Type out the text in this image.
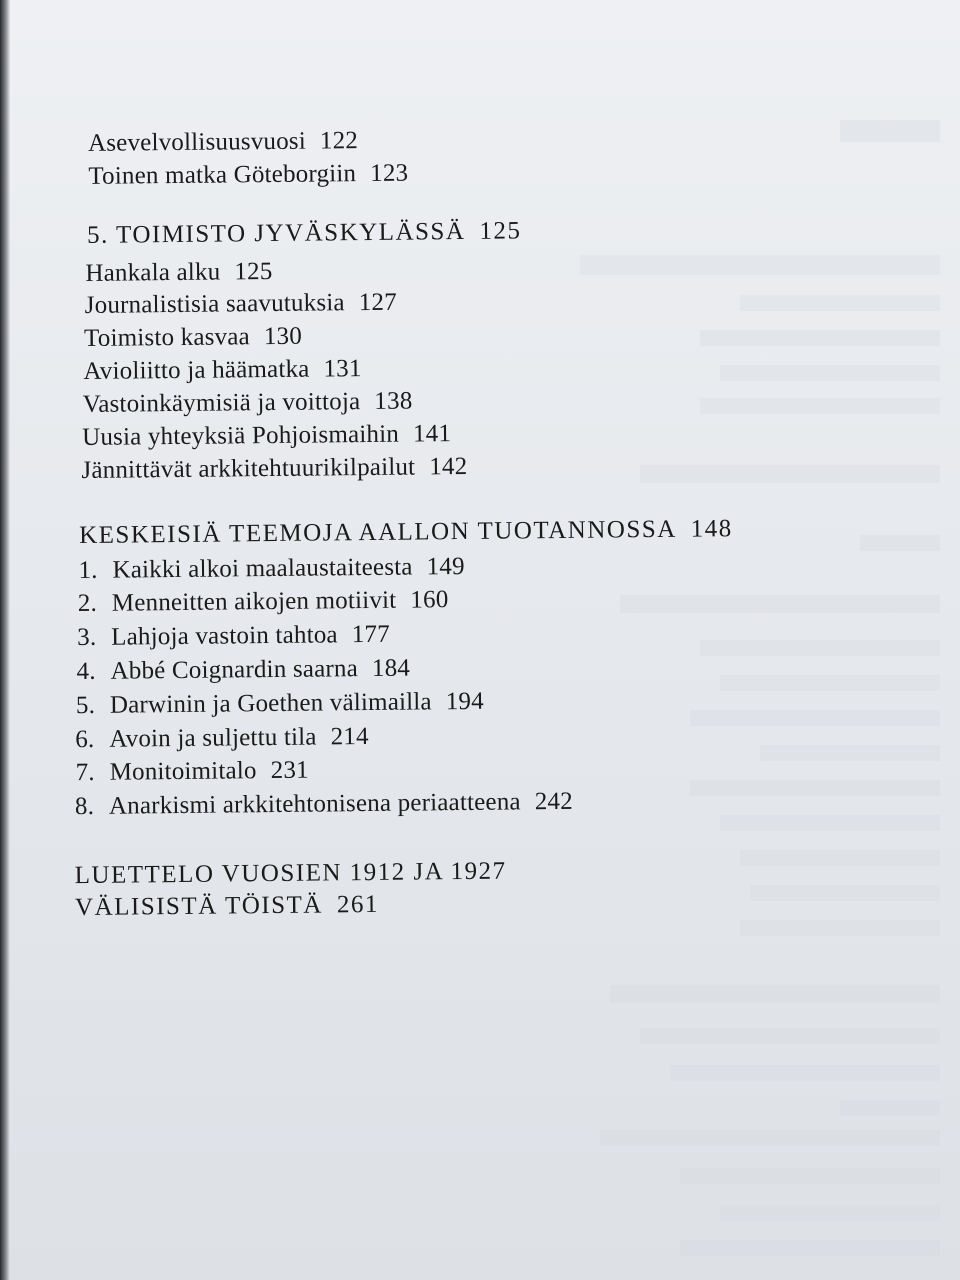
Asevelvollisuusvuosi 122
Toinen matka Göteborgiin 123
5. TOIMISTO JYVÄSKYLÄSSÄ 125
Hankala alku 125
Journalistisia saavutuksia 127
Toimisto kasvaa 130
Avioliitto ja häämatka 131
Vastoinkäymisiä ja voittoja 138
Uusia yhteyksiä Pohjoismaihin 141
Jännittävät arkkitehtuurikilpailut 142
KESKEISIÄ TEEMOJA AALLON TUOTANNOSSA 148
1. Kaikki alkoi maalaustaiteesta 149
2. Menneitten aikojen motiivit 160
3. Lahjoja vastoin tahtoa 177
4. Abbé Coignardin saarna 184
5. Darwinin ja Goethen välimailla 194
6. Avoin ja suljettu tila 214
7. Monitoimitalo 231
8. Anarkismi arkkitehtonisena periaatteena 242
LUETTELO VUOSIEN 1912 JA 1927
VÄLISISTÄ TÖISTÄ 261
